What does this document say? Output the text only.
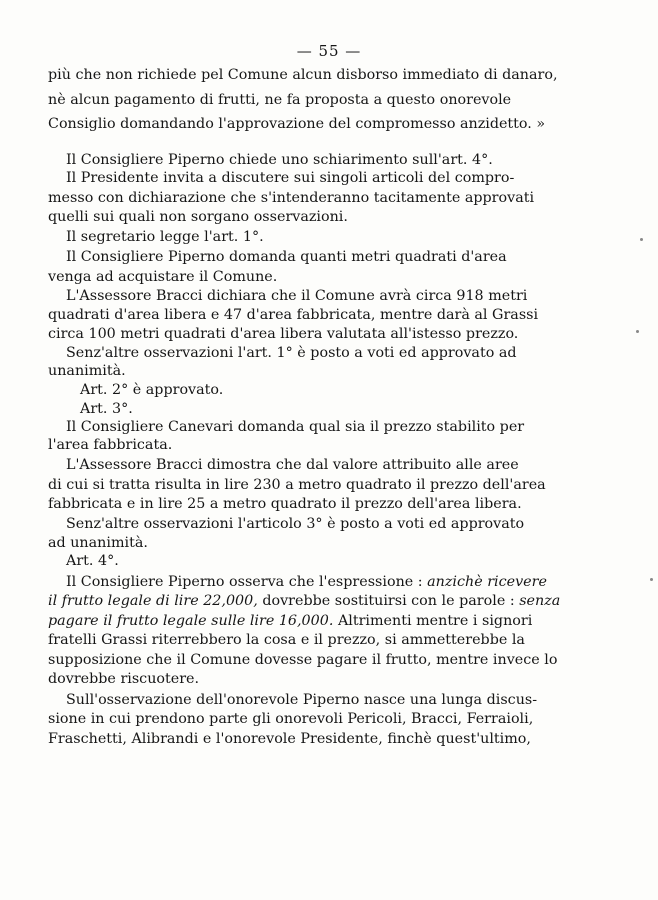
— 55 —
più che non richiede pel Comune alcun disborso immediato di danaro,
nè alcun pagamento di frutti, ne fa proposta a questo onorevole
Consiglio domandando l'approvazione del compromesso anzidetto. »
Il Consigliere Piperno chiede uno schiarimento sull'art. 4°.
Il Presidente invita a discutere sui singoli articoli del compro-
messo con dichiarazione che s'intenderanno tacitamente approvati
quelli sui quali non sorgano osservazioni.
Il segretario legge l'art. 1°.
Il Consigliere Piperno domanda quanti metri quadrati d'area
venga ad acquistare il Comune.
L'Assessore Bracci dichiara che il Comune avrà circa 918 metri
quadrati d'area libera e 47 d'area fabbricata, mentre darà al Grassi
circa 100 metri quadrati d'area libera valutata all'istesso prezzo.
Senz'altre osservazioni l'art. 1° è posto a voti ed approvato ad
unanimità.
Art. 2° è approvato.
Art. 3°.
Il Consigliere Canevari domanda qual sia il prezzo stabilito per
l'area fabbricata.
L'Assessore Bracci dimostra che dal valore attribuito alle aree
di cui si tratta risulta in lire 230 a metro quadrato il prezzo dell'area
fabbricata e in lire 25 a metro quadrato il prezzo dell'area libera.
Senz'altre osservazioni l'articolo 3° è posto a voti ed approvato
ad unanimità.
Art. 4°.
Il Consigliere Piperno osserva che l'espressione : anzichè ricevere
il frutto legale di lire 22,000, dovrebbe sostituirsi con le parole : senza
pagare il frutto legale sulle lire 16,000. Altrimenti mentre i signori
fratelli Grassi riterrebbero la cosa e il prezzo, si ammetterebbe la
supposizione che il Comune dovesse pagare il frutto, mentre invece lo
dovrebbe riscuotere.
Sull'osservazione dell'onorevole Piperno nasce una lunga discus-
sione in cui prendono parte gli onorevoli Pericoli, Bracci, Ferraioli,
Fraschetti, Alibrandi e l'onorevole Presidente, finchè quest'ultimo,
